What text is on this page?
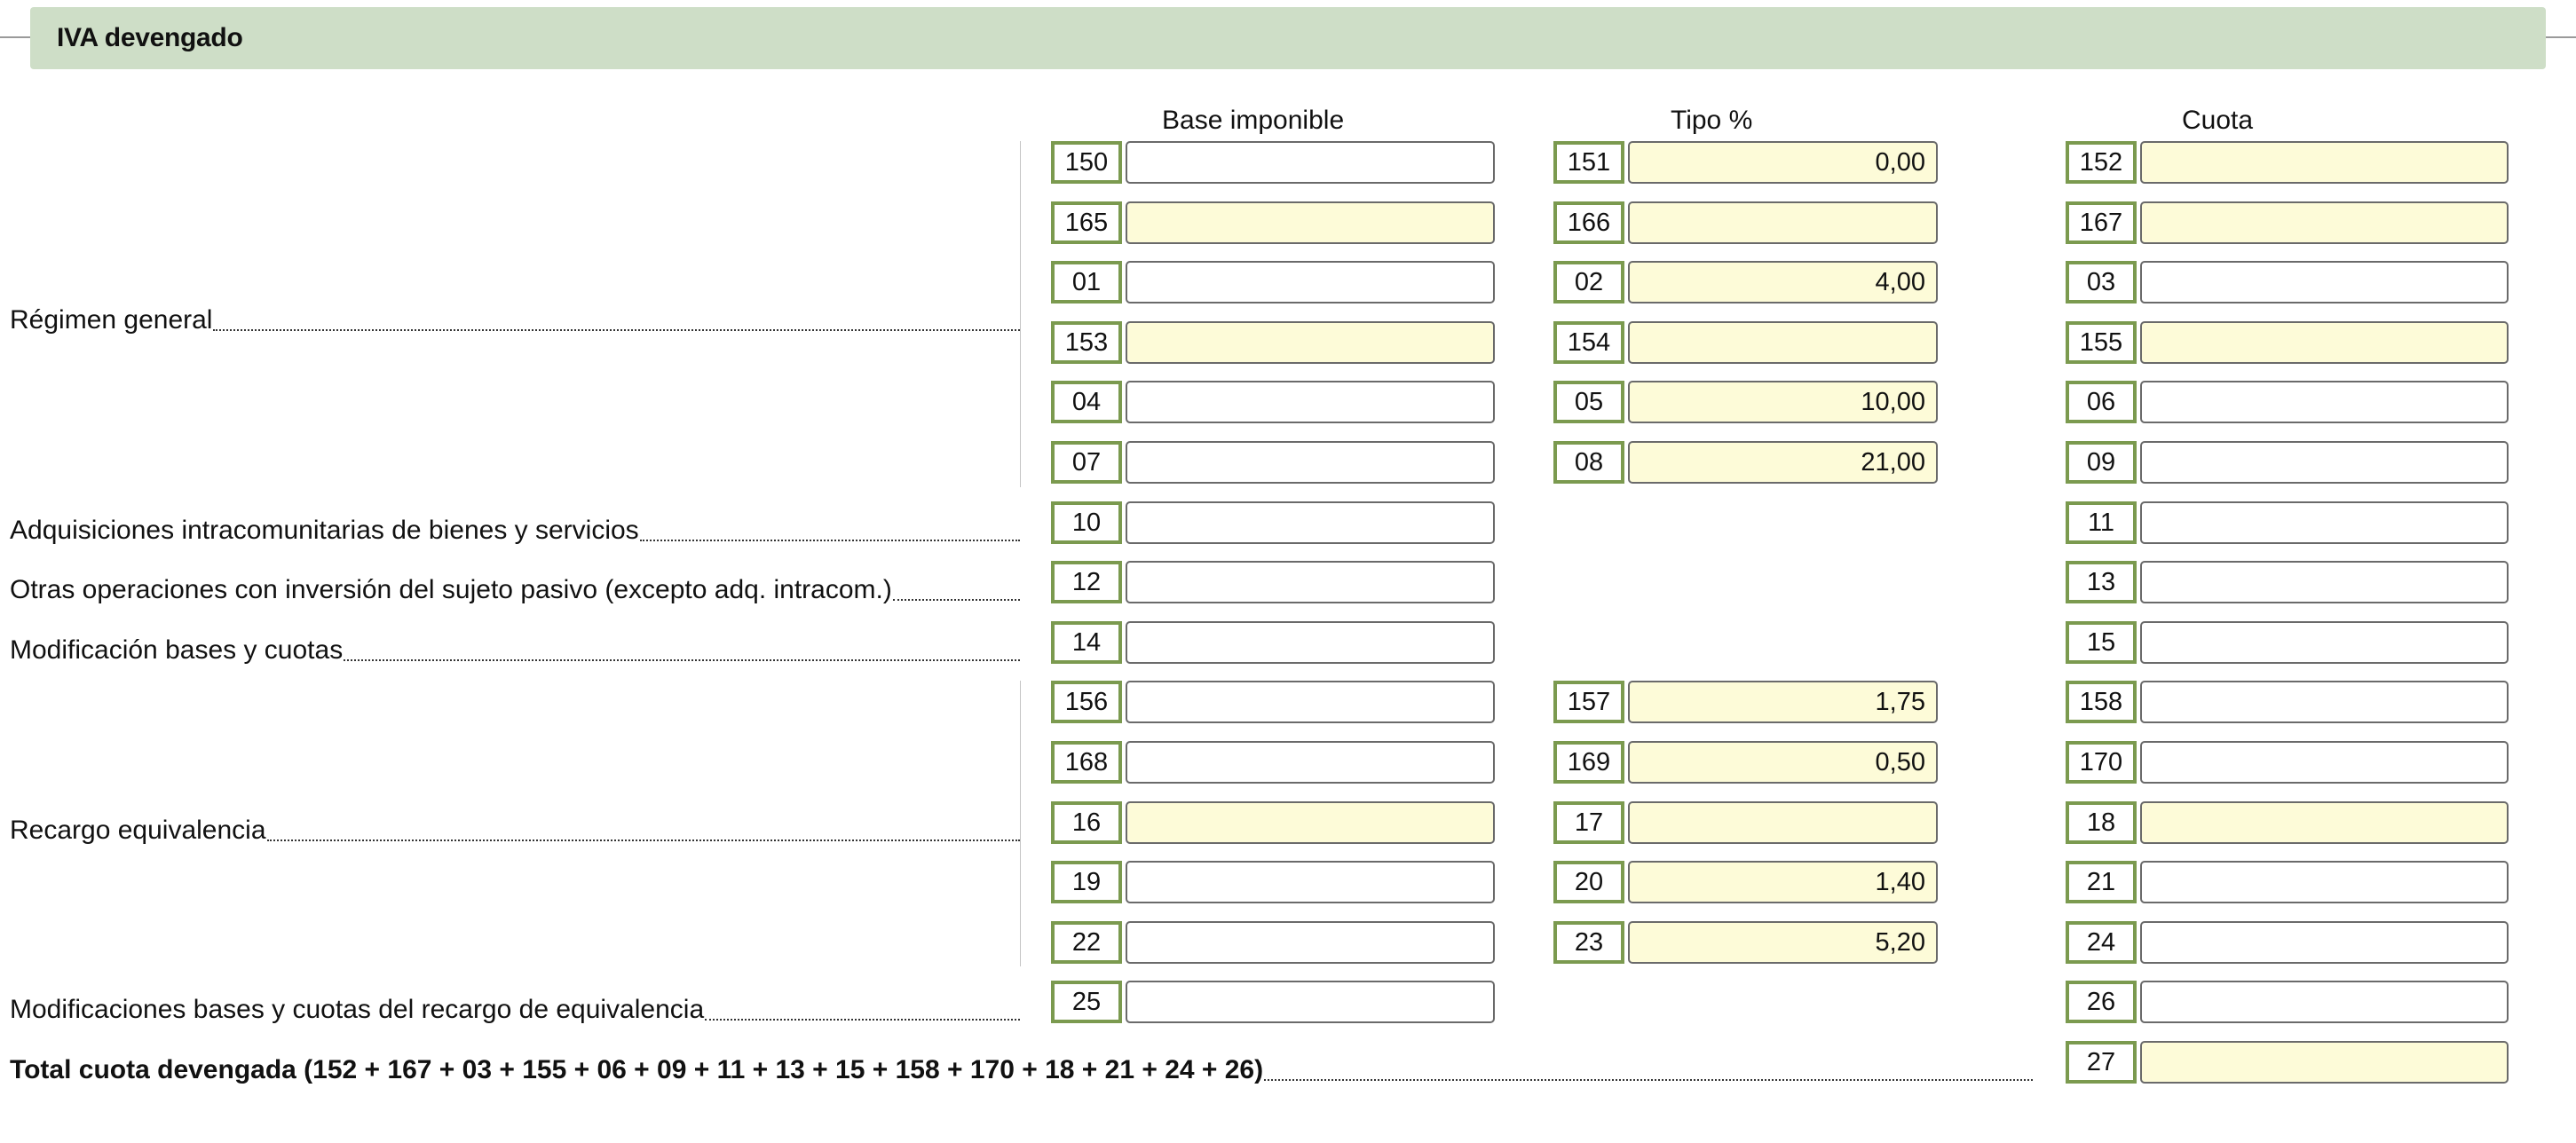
IVA devengado
Base imponible	Tipo %	Cuota
150	151	0,00	152
165	166	167
01	02	4,00	03
153	154	155
04	05	10,00	06
07	08	21,00	09
Régimen general
10	11
Adquisiciones intracomunitarias de bienes y servicios
12	13
Otras operaciones con inversión del sujeto pasivo (excepto adq. intracom.)
14	15
Modificación bases y cuotas
156	157	1,75	158
168	169	0,50	170
16	17	18
19	20	1,40	21
22	23	5,20	24
Recargo equivalencia
25	26
Modificaciones bases y cuotas del recargo de equivalencia
27
Total cuota devengada (152 + 167 + 03 + 155 + 06 + 09 + 11 + 13 + 15 + 158 + 170 + 18 + 21 + 24 + 26)
